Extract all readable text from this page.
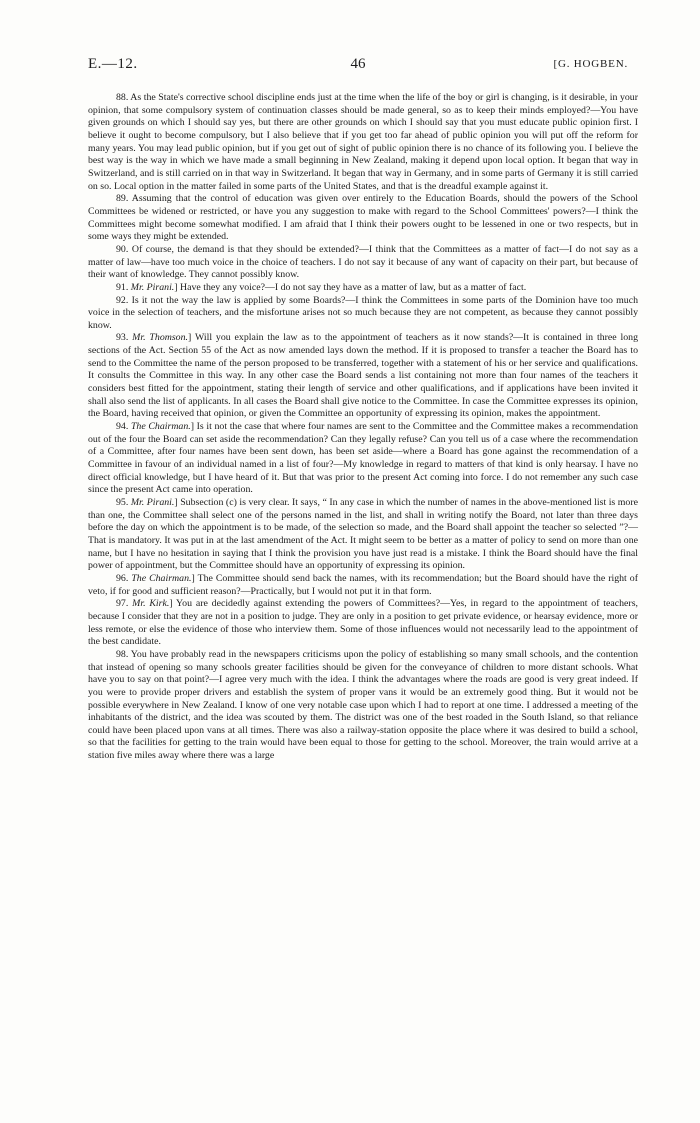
E.—12.	46	[G. HOGBEN.

88. As the State's corrective school discipline ends just at the time when the life of the boy or girl is changing, is it desirable, in your opinion, that some compulsory system of continuation classes should be made general, so as to keep their minds employed?—You have given grounds on which I should say yes, but there are other grounds on which I should say that you must educate public opinion first. I believe it ought to become compulsory, but I also believe that if you get too far ahead of public opinion you will put off the reform for many years. You may lead public opinion, but if you get out of sight of public opinion there is no chance of its following you. I believe the best way is the way in which we have made a small beginning in New Zealand, making it depend upon local option. It began that way in Switzerland, and is still carried on in that way in Switzerland. It began that way in Germany, and in some parts of Germany it is still carried on so. Local option in the matter failed in some parts of the United States, and that is the dreadful example against it.

89. Assuming that the control of education was given over entirely to the Education Boards, should the powers of the School Committees be widened or restricted, or have you any suggestion to make with regard to the School Committees' powers?—I think the Committees might become somewhat modified. I am afraid that I think their powers ought to be lessened in one or two respects, but in some ways they might be extended.

90. Of course, the demand is that they should be extended?—I think that the Committees as a matter of fact—I do not say as a matter of law—have too much voice in the choice of teachers. I do not say it because of any want of capacity on their part, but because of their want of knowledge. They cannot possibly know.

91. Mr. Pirani.] Have they any voice?—I do not say they have as a matter of law, but as a matter of fact.

92. Is it not the way the law is applied by some Boards?—I think the Committees in some parts of the Dominion have too much voice in the selection of teachers, and the misfortune arises not so much because they are not competent, as because they cannot possibly know.

93. Mr. Thomson.] Will you explain the law as to the appointment of teachers as it now stands?—It is contained in three long sections of the Act. Section 55 of the Act as now amended lays down the method. If it is proposed to transfer a teacher the Board has to send to the Committee the name of the person proposed to be transferred, together with a statement of his or her service and qualifications. It consults the Committee in this way. In any other case the Board sends a list containing not more than four names of the teachers it considers best fitted for the appointment, stating their length of service and other qualifications, and if applications have been invited it shall also send the list of applicants. In all cases the Board shall give notice to the Committee. In case the Committee expresses its opinion, the Board, having received that opinion, or given the Committee an opportunity of expressing its opinion, makes the appointment.

94. The Chairman.] Is it not the case that where four names are sent to the Committee and the Committee makes a recommendation out of the four the Board can set aside the recommendation? Can they legally refuse? Can you tell us of a case where the recommendation of a Committee, after four names have been sent down, has been set aside—where a Board has gone against the recommendation of a Committee in favour of an individual named in a list of four?—My knowledge in regard to matters of that kind is only hearsay. I have no direct official knowledge, but I have heard of it. But that was prior to the present Act coming into force. I do not remember any such case since the present Act came into operation.

95. Mr. Pirani.] Subsection (c) is very clear. It says, “ In any case in which the number of names in the above-mentioned list is more than one, the Committee shall select one of the persons named in the list, and shall in writing notify the Board, not later than three days before the day on which the appointment is to be made, of the selection so made, and the Board shall appoint the teacher so selected ”?—That is mandatory. It was put in at the last amendment of the Act. It might seem to be better as a matter of policy to send on more than one name, but I have no hesitation in saying that I think the provision you have just read is a mistake. I think the Board should have the final power of appointment, but the Committee should have an opportunity of expressing its opinion.

96. The Chairman.] The Committee should send back the names, with its recommendation; but the Board should have the right of veto, if for good and sufficient reason?—Practically, but I would not put it in that form.

97. Mr. Kirk.] You are decidedly against extending the powers of Committees?—Yes, in regard to the appointment of teachers, because I consider that they are not in a position to judge. They are only in a position to get private evidence, or hearsay evidence, more or less remote, or else the evidence of those who interview them. Some of those influences would not necessarily lead to the appointment of the best candidate.

98. You have probably read in the newspapers criticisms upon the policy of establishing so many small schools, and the contention that instead of opening so many schools greater facilities should be given for the conveyance of children to more distant schools. What have you to say on that point?—I agree very much with the idea. I think the advantages where the roads are good is very great indeed. If you were to provide proper drivers and establish the system of proper vans it would be an extremely good thing. But it would not be possible everywhere in New Zealand. I know of one very notable case upon which I had to report at one time. I addressed a meeting of the inhabitants of the district, and the idea was scouted by them. The district was one of the best roaded in the South Island, so that reliance could have been placed upon vans at all times. There was also a railway-station opposite the place where it was desired to build a school, so that the facilities for getting to the train would have been equal to those for getting to the school. Moreover, the train would arrive at a station five miles away where there was a large
